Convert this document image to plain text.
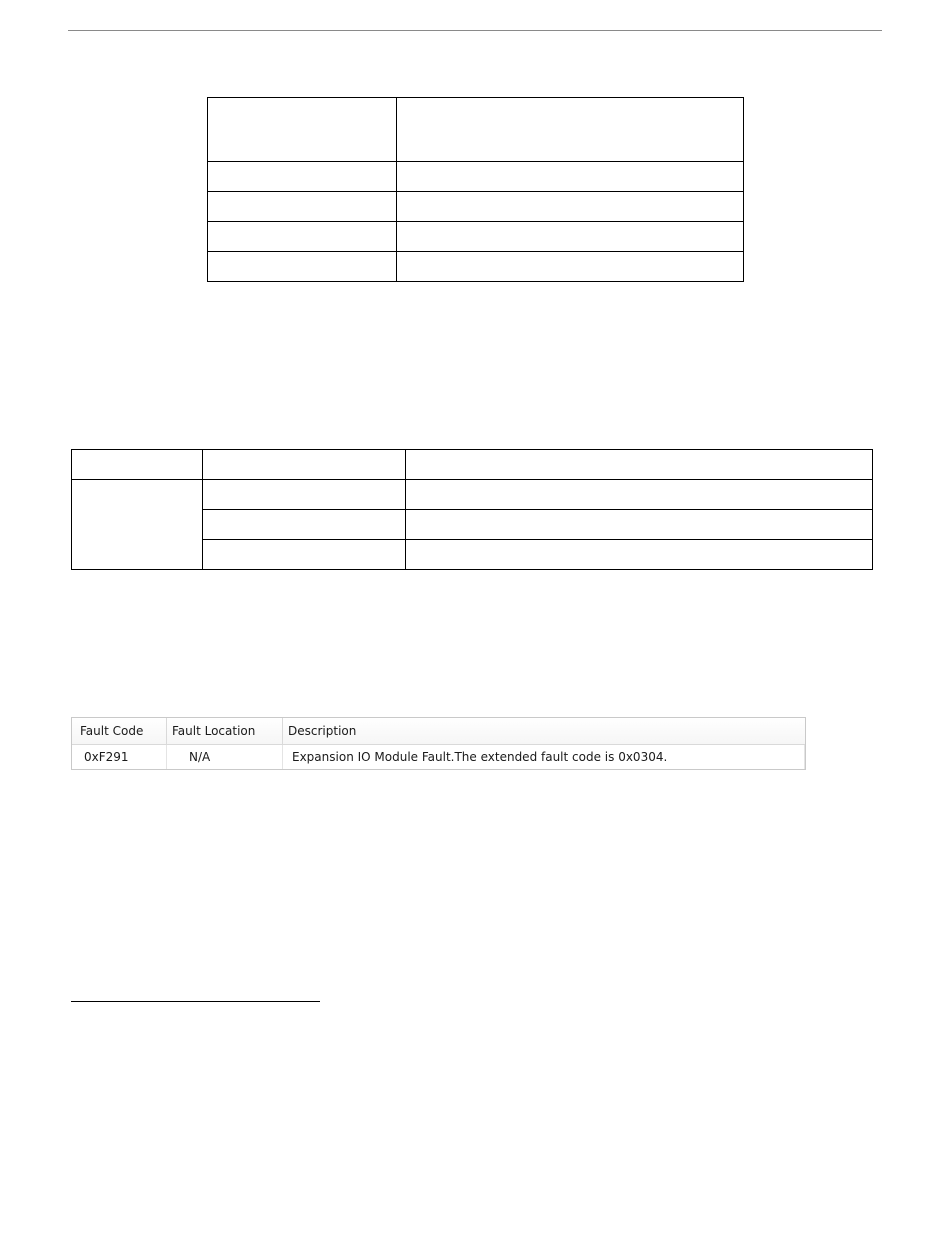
Fault Code	Fault Location	Description
0xF291	N/A	Expansion IO Module Fault.The extended fault code is 0x0304.
